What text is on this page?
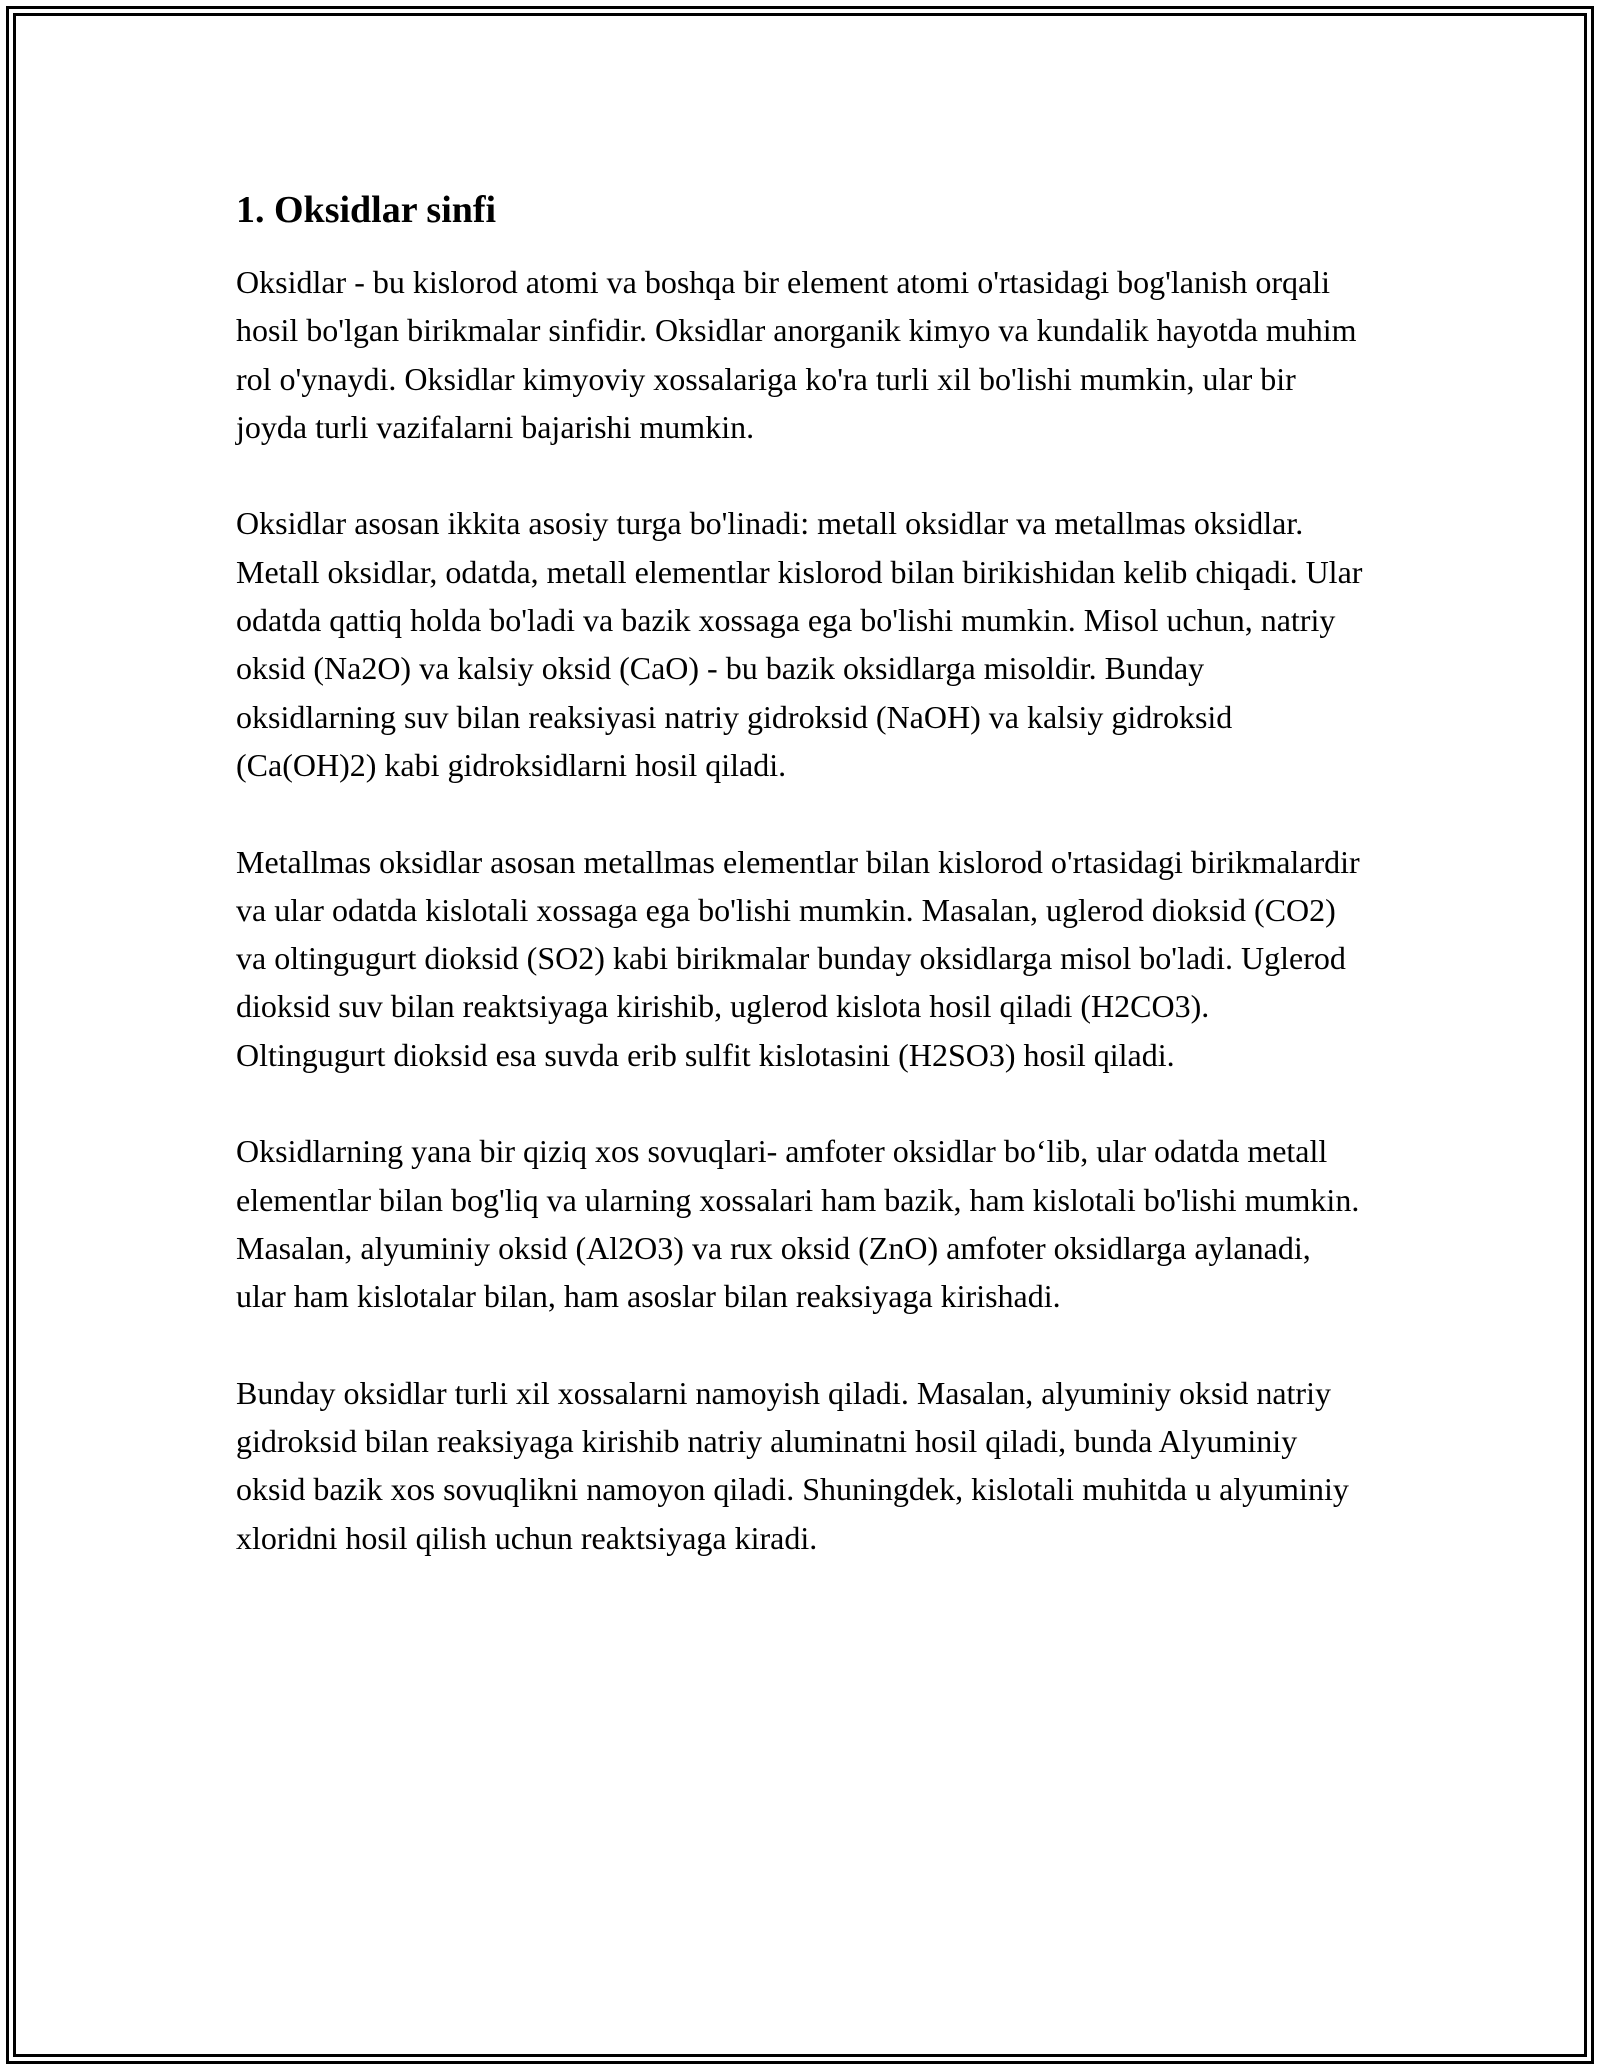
1. Oksidlar sinfi

Oksidlar - bu kislorod atomi va boshqa bir element atomi o'rtasidagi bog'lanish orqali hosil bo'lgan birikmalar sinfidir. Oksidlar anorganik kimyo va kundalik hayotda muhim rol o'ynaydi. Oksidlar kimyoviy xossalariga ko'ra turli xil bo'lishi mumkin, ular bir joyda turli vazifalarni bajarishi mumkin.

Oksidlar asosan ikkita asosiy turga bo'linadi: metall oksidlar va metallmas oksidlar. Metall oksidlar, odatda, metall elementlar kislorod bilan birikishidan kelib chiqadi. Ular odatda qattiq holda bo'ladi va bazik xossaga ega bo'lishi mumkin. Misol uchun, natriy oksid (Na2O) va kalsiy oksid (CaO) - bu bazik oksidlarga misoldir. Bunday oksidlarning suv bilan reaksiyasi natriy gidroksid (NaOH) va kalsiy gidroksid (Ca(OH)2) kabi gidroksidlarni hosil qiladi.

Metallmas oksidlar asosan metallmas elementlar bilan kislorod o'rtasidagi birikmalardir va ular odatda kislotali xossaga ega bo'lishi mumkin. Masalan, uglerod dioksid (CO2) va oltingugurt dioksid (SO2) kabi birikmalar bunday oksidlarga misol bo'ladi. Uglerod dioksid suv bilan reaktsiyaga kirishib, uglerod kislota hosil qiladi (H2CO3). Oltingugurt dioksid esa suvda erib sulfit kislotasini (H2SO3) hosil qiladi.

Oksidlarning yana bir qiziq xos sovuqlari- amfoter oksidlar bo‘lib, ular odatda metall elementlar bilan bog'liq va ularning xossalari ham bazik, ham kislotali bo'lishi mumkin. Masalan, alyuminiy oksid (Al2O3) va rux oksid (ZnO) amfoter oksidlarga aylanadi, ular ham kislotalar bilan, ham asoslar bilan reaksiyaga kirishadi.

Bunday oksidlar turli xil xossalarni namoyish qiladi. Masalan, alyuminiy oksid natriy gidroksid bilan reaksiyaga kirishib natriy aluminatni hosil qiladi, bunda Alyuminiy oksid bazik xos sovuqlikni namoyon qiladi. Shuningdek, kislotali muhitda u alyuminiy xloridni hosil qilish uchun reaktsiyaga kiradi.
